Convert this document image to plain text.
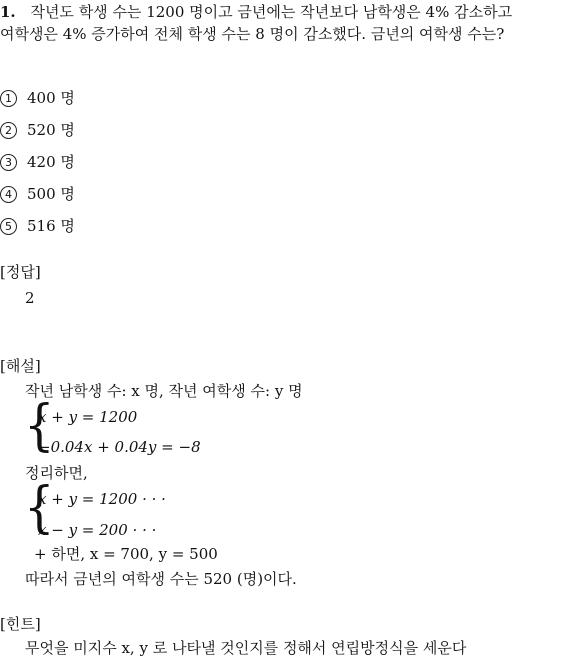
1. 작년도 학생 수는 1200 명이고 금년에는 작년보다 남학생은 4% 감소하고
여학생은 4% 증가하여 전체 학생 수는 8 명이 감소했다. 금년의 여학생 수는?
1	400 명
2	520 명
3	420 명
4	500 명
5	516 명
[정답]
2
[해설]
작년 남학생 수: x 명, 작년 여학생 수: y 명
{
x + y = 1200
−0.04x + 0.04y = −8
정리하면,
{
x + y = 1200 · · ·
x − y = 200 · · ·
+ 하면, x = 700, y = 500
따라서 금년의 여학생 수는 520 (명)이다.
[힌트]
무엇을 미지수 x, y 로 나타낼 것인지를 정해서 연립방정식을 세운다
